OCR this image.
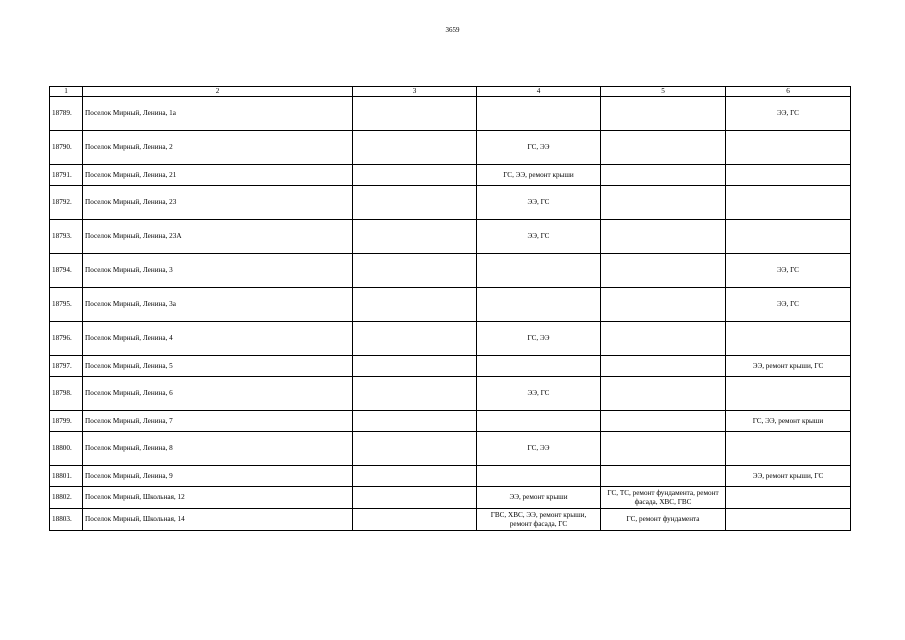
3659
1	2	3	4	5	6
18789.	Поселок Мирный, Ленина, 1а				ЭЭ, ГС
18790.	Поселок Мирный, Ленина, 2		ГС, ЭЭ		
18791.	Поселок Мирный, Ленина, 21		ГС, ЭЭ, ремонт крыши		
18792.	Поселок Мирный, Ленина, 23		ЭЭ, ГС		
18793.	Поселок Мирный, Ленина, 23А		ЭЭ, ГС		
18794.	Поселок Мирный, Ленина, 3				ЭЭ, ГС
18795.	Поселок Мирный, Ленина, 3а				ЭЭ, ГС
18796.	Поселок Мирный, Ленина, 4		ГС, ЭЭ		
18797.	Поселок Мирный, Ленина, 5				ЭЭ, ремонт крыши, ГС
18798.	Поселок Мирный, Ленина, 6		ЭЭ, ГС		
18799.	Поселок Мирный, Ленина, 7				ГС, ЭЭ, ремонт крыши
18800.	Поселок Мирный, Ленина, 8		ГС, ЭЭ		
18801.	Поселок Мирный, Ленина, 9				ЭЭ, ремонт крыши, ГС
18802.	Поселок Мирный, Школьная, 12		ЭЭ, ремонт крыши	ГС, ТС, ремонт фундамента, ремонт фасада, ХВС, ГВС	
18803.	Поселок Мирный, Школьная, 14		ГВС, ХВС, ЭЭ, ремонт крыши, ремонт фасада, ГС	ГС, ремонт фундамента	
